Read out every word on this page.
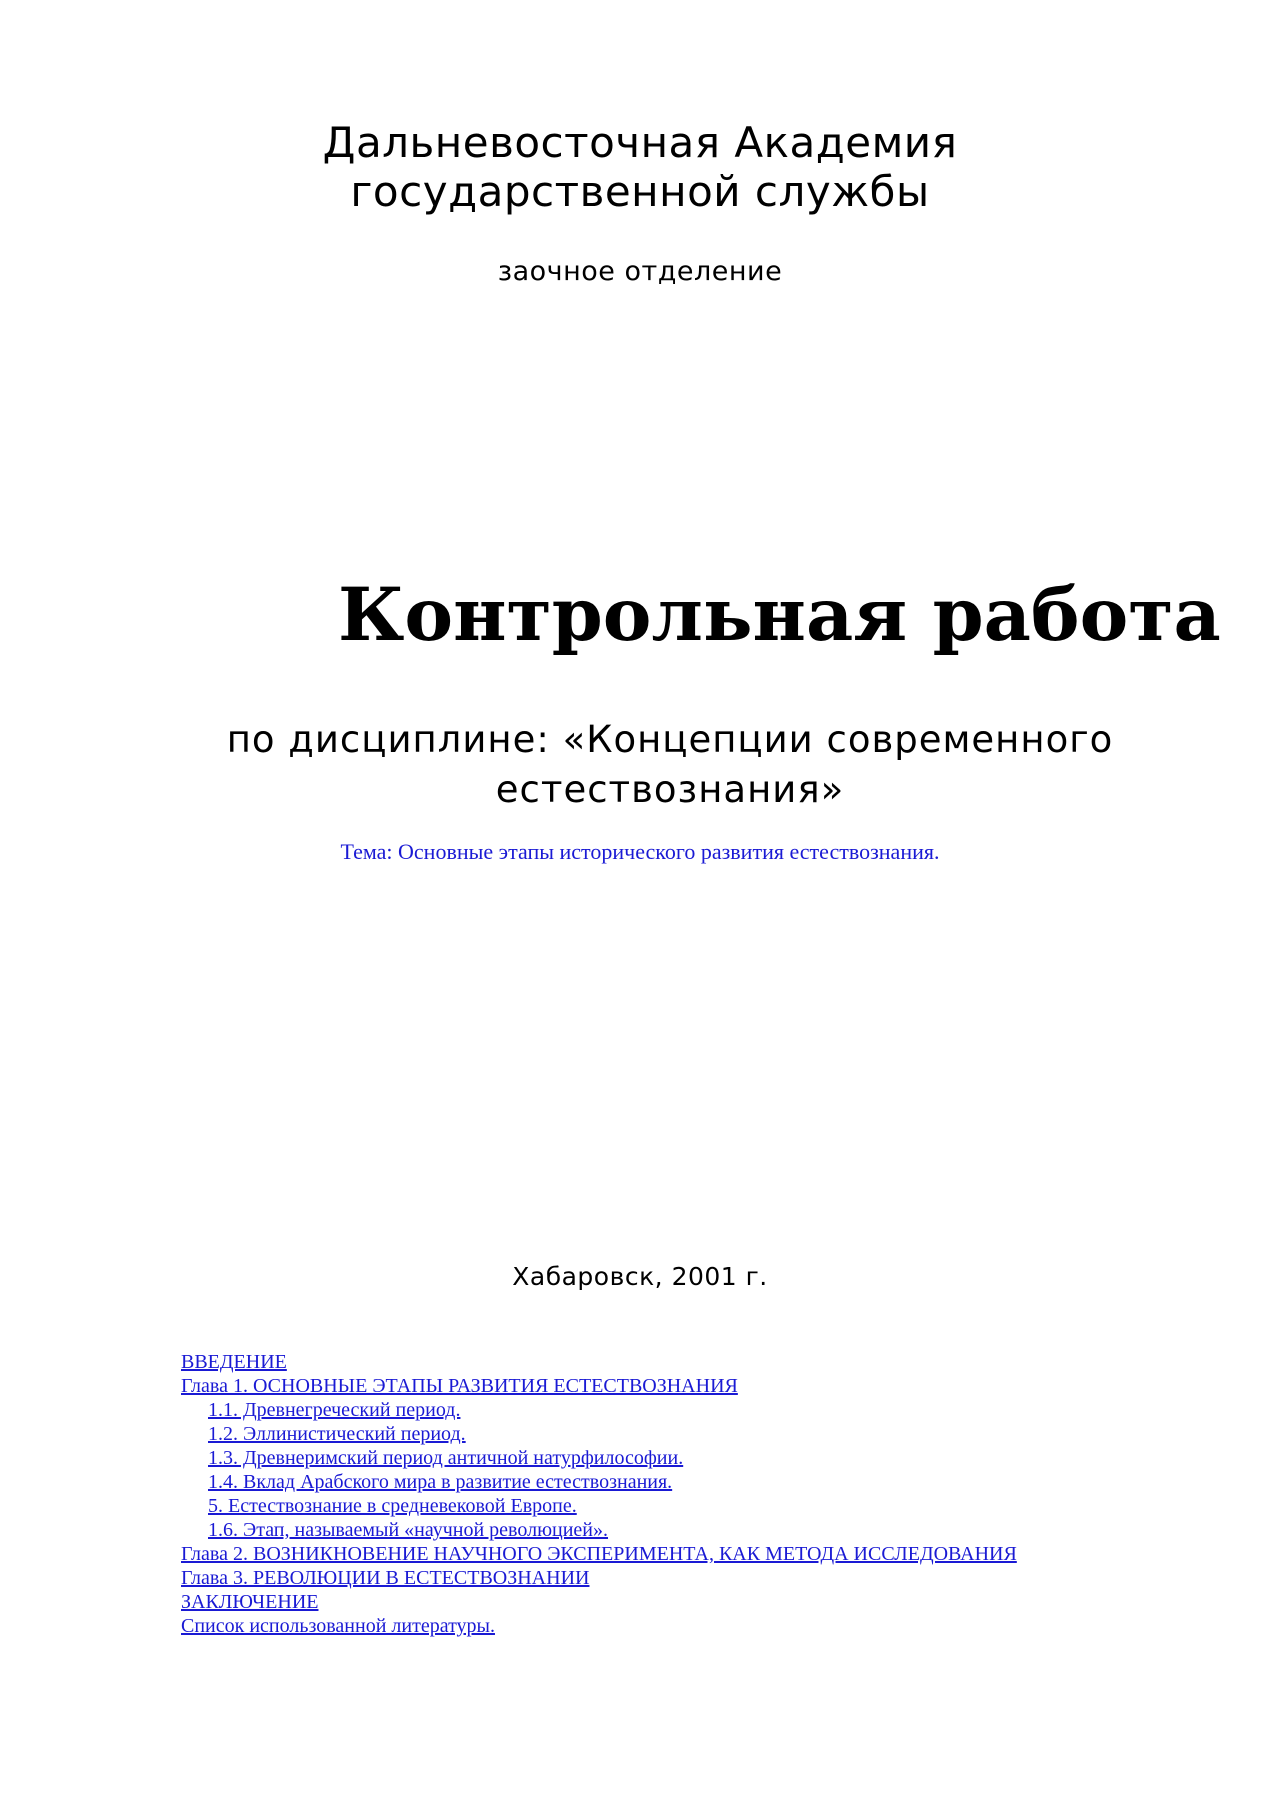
Дальневосточная Академия
государственной службы
заочное отделение
Контрольная работа
по дисциплине: «Концепции современного
естествознания»
Тема: Основные этапы исторического развития естествознания.
Хабаровск, 2001 г.
ВВЕДЕНИЕ
Глава 1. ОСНОВНЫЕ ЭТАПЫ РАЗВИТИЯ ЕСТЕСТВОЗНАНИЯ
1.1. Древнегреческий период.
1.2. Эллинистический период.
1.3. Древнеримский период античной натурфилософии.
1.4. Вклад Арабского мира в развитие естествознания.
5. Естествознание в средневековой Европе.
1.6. Этап, называемый «научной революцией».
Глава 2. ВОЗНИКНОВЕНИЕ НАУЧНОГО ЭКСПЕРИМЕНТА, КАК МЕТОДА ИССЛЕДОВАНИЯ
Глава 3. РЕВОЛЮЦИИ В ЕСТЕСТВОЗНАНИИ
ЗАКЛЮЧЕНИЕ
Список использованной литературы.
